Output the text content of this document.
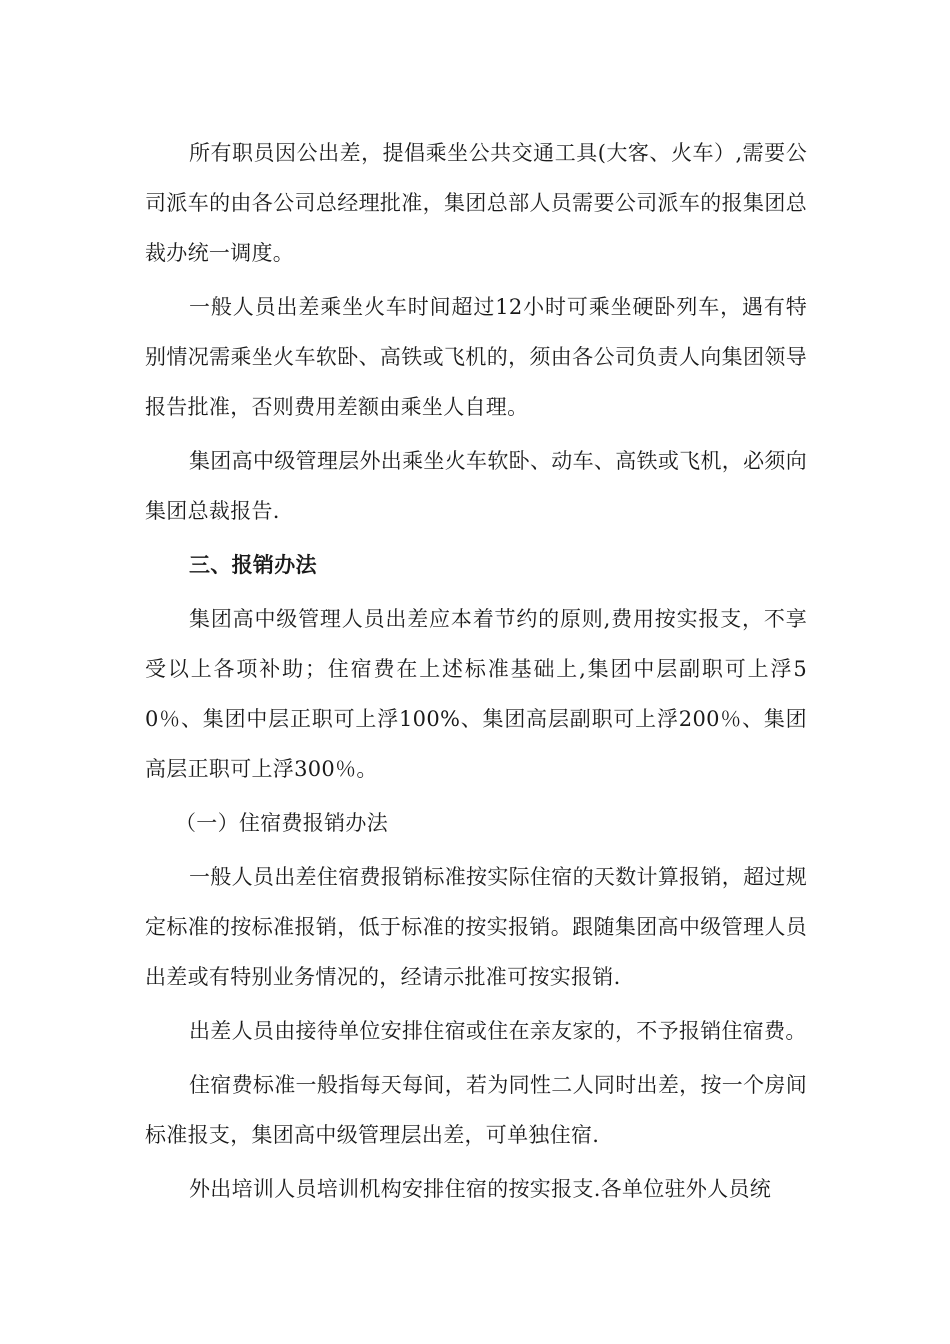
所有职员因公出差，提倡乘坐公共交通工具(大客、火车）,需要公司派车的由各公司总经理批准，集团总部人员需要公司派车的报集团总裁办统一调度。

一般人员出差乘坐火车时间超过12小时可乘坐硬卧列车，遇有特别情况需乘坐火车软卧、高铁或飞机的，须由各公司负责人向集团领导报告批准，否则费用差额由乘坐人自理。

集团高中级管理层外出乘坐火车软卧、动车、高铁或飞机，必须向集团总裁报告.

三、报销办法

集团高中级管理人员出差应本着节约的原则,费用按实报支，不享受以上各项补助；住宿费在上述标准基础上,集团中层副职可上浮50％、集团中层正职可上浮100%、集团高层副职可上浮200％、集团高层正职可上浮300％。

（一）住宿费报销办法

一般人员出差住宿费报销标准按实际住宿的天数计算报销，超过规定标准的按标准报销，低于标准的按实报销。跟随集团高中级管理人员出差或有特别业务情况的，经请示批准可按实报销.

出差人员由接待单位安排住宿或住在亲友家的，不予报销住宿费。

住宿费标准一般指每天每间，若为同性二人同时出差，按一个房间标准报支，集团高中级管理层出差，可单独住宿.

外出培训人员培训机构安排住宿的按实报支.各单位驻外人员统
